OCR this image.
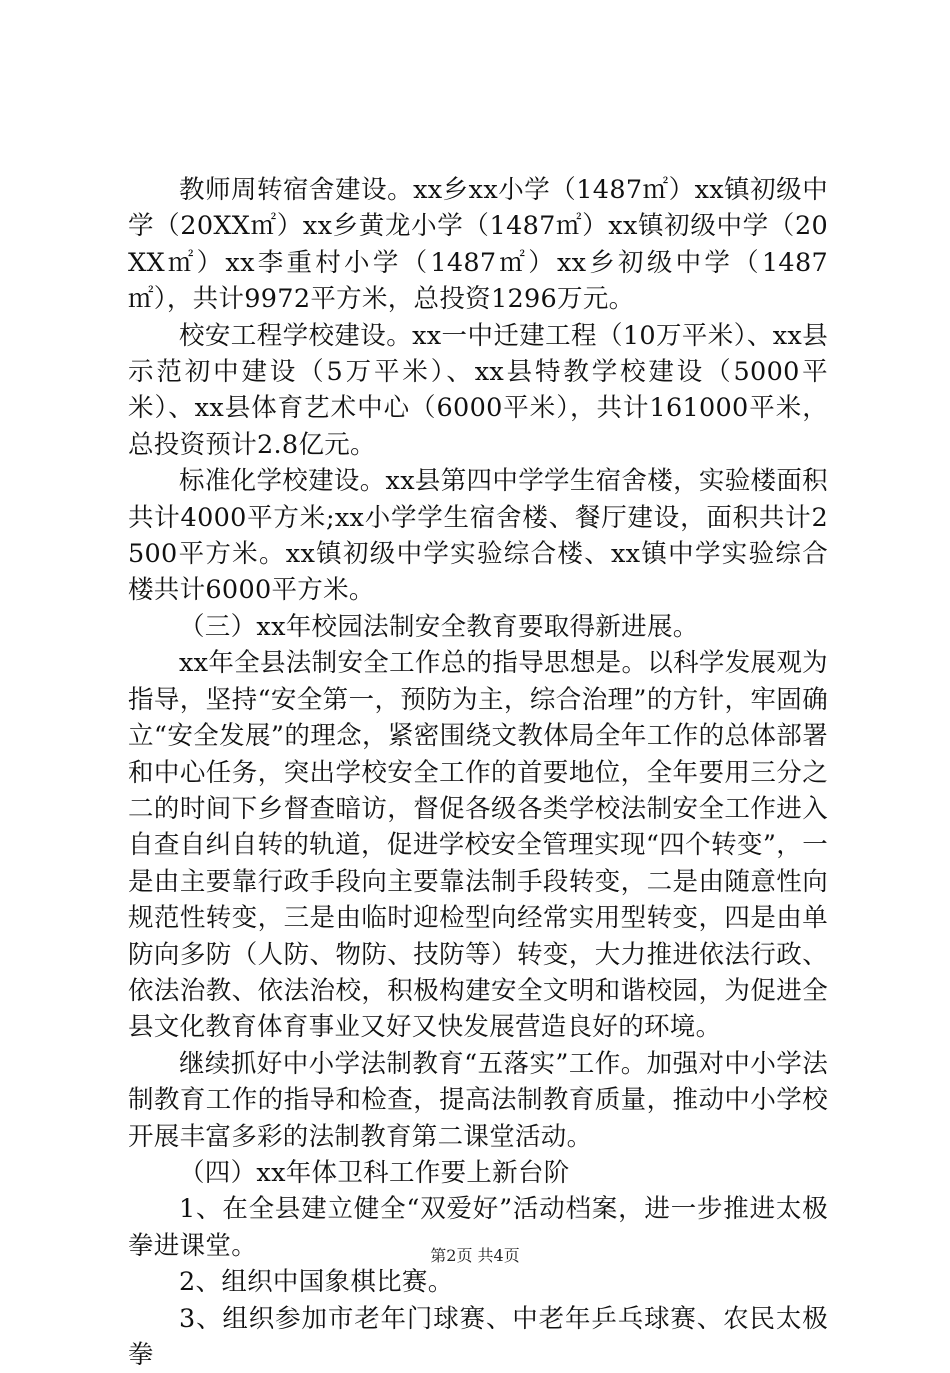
教师周转宿舍建设。xx乡xx小学（1487㎡）xx镇初级中学（20XX㎡）xx乡黄龙小学（1487㎡）xx镇初级中学（20XX㎡）xx李重村小学（1487㎡）xx乡初级中学（1487㎡），共计9972平方米，总投资1296万元。

校安工程学校建设。xx一中迁建工程（10万平米）、xx县示范初中建设（5万平米）、xx县特教学校建设（5000平米）、xx县体育艺术中心（6000平米），共计161000平米，总投资预计2.8亿元。

标准化学校建设。xx县第四中学学生宿舍楼，实验楼面积共计4000平方米;xx小学学生宿舍楼、餐厅建设，面积共计2500平方米。xx镇初级中学实验综合楼、xx镇中学实验综合楼共计6000平方米。

（三）xx年校园法制安全教育要取得新进展。

xx年全县法制安全工作总的指导思想是。以科学发展观为指导，坚持“安全第一，预防为主，综合治理”的方针，牢固确立“安全发展”的理念，紧密围绕文教体局全年工作的总体部署和中心任务，突出学校安全工作的首要地位，全年要用三分之二的时间下乡督查暗访，督促各级各类学校法制安全工作进入自查自纠自转的轨道，促进学校安全管理实现“四个转变”，一是由主要靠行政手段向主要靠法制手段转变，二是由随意性向规范性转变，三是由临时迎检型向经常实用型转变，四是由单防向多防（人防、物防、技防等）转变，大力推进依法行政、依法治教、依法治校，积极构建安全文明和谐校园，为促进全县文化教育体育事业又好又快发展营造良好的环境。

继续抓好中小学法制教育“五落实”工作。加强对中小学法制教育工作的指导和检查，提高法制教育质量，推动中小学校开展丰富多彩的法制教育第二课堂活动。

（四）xx年体卫科工作要上新台阶

1、在全县建立健全“双爱好”活动档案，进一步推进太极拳进课堂。

2、组织中国象棋比赛。

3、组织参加市老年门球赛、中老年乒乓球赛、农民太极拳

第2页 共4页
